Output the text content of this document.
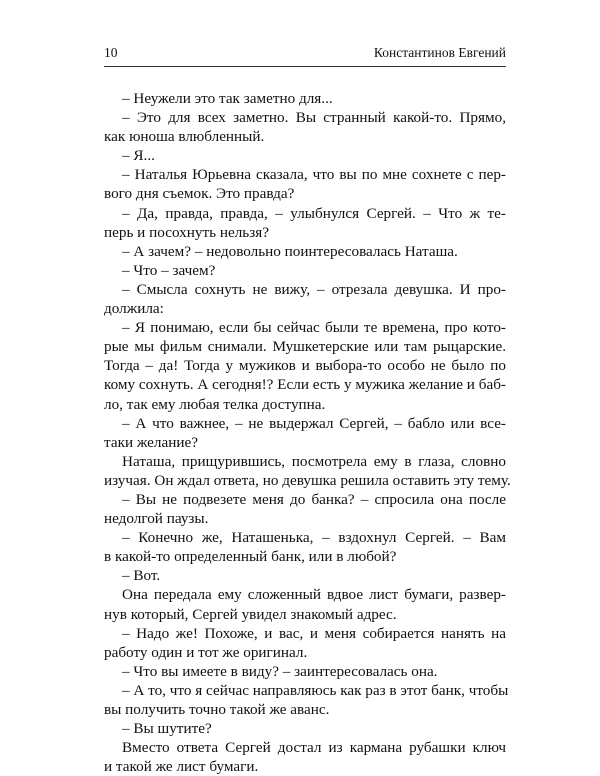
10	Константинов Евгений
– Неужели это так заметно для...
– Это для всех заметно. Вы странный какой-то. Прямо,
как юноша влюбленный.
– Я...
– Наталья Юрьевна сказала, что вы по мне сохнете с пер-
вого дня съемок. Это правда?
– Да, правда, правда, – улыбнулся Сергей. – Что ж те-
перь и посохнуть нельзя?
– А зачем? – недовольно поинтересовалась Наташа.
– Что – зачем?
– Смысла сохнуть не вижу, – отрезала девушка. И про-
должила:
– Я понимаю, если бы сейчас были те времена, про кото-
рые мы фильм снимали. Мушкетерские или там рыцарские.
Тогда – да! Тогда у мужиков и выбора-то особо не было по
кому сохнуть. А сегодня!? Если есть у мужика желание и баб-
ло, так ему любая телка доступна.
– А что важнее, – не выдержал Сергей, – бабло или все-
таки желание?
Наташа, прищурившись, посмотрела ему в глаза, словно
изучая. Он ждал ответа, но девушка решила оставить эту тему.
– Вы не подвезете меня до банка? – спросила она после
недолгой паузы.
– Конечно же, Наташенька, – вздохнул Сергей. – Вам
в какой-то определенный банк, или в любой?
– Вот.
Она передала ему сложенный вдвое лист бумаги, развер-
нув который, Сергей увидел знакомый адрес.
– Надо же! Похоже, и вас, и меня собирается нанять на
работу один и тот же оригинал.
– Что вы имеете в виду? – заинтересовалась она.
– А то, что я сейчас направляюсь как раз в этот банк, чтобы
вы получить точно такой же аванс.
– Вы шутите?
Вместо ответа Сергей достал из кармана рубашки ключ
и такой же лист бумаги.
